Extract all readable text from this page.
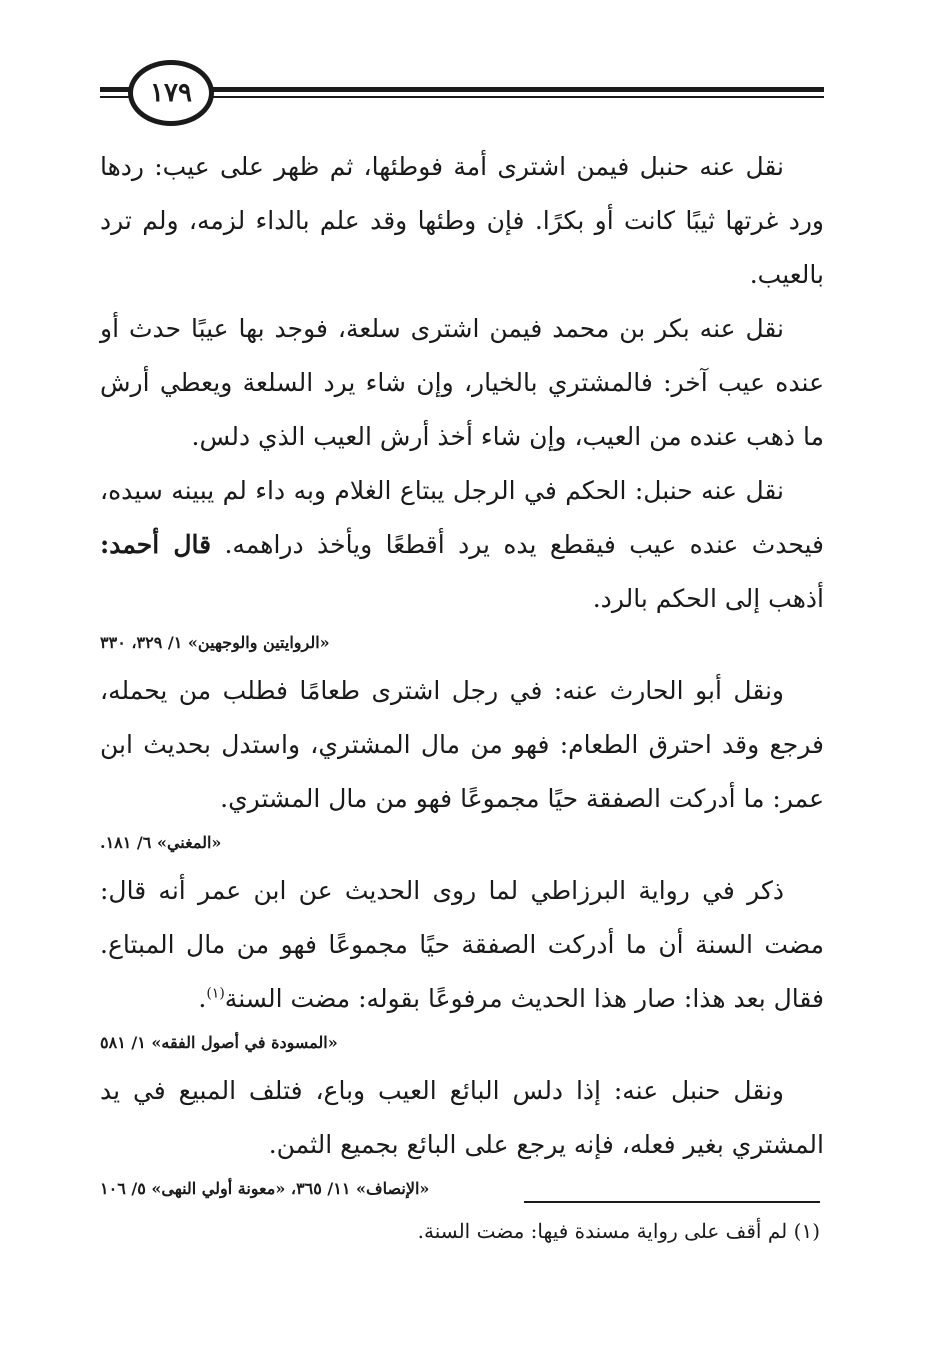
١٧٩

نقل عنه حنبل فيمن اشترى أمة فوطئها، ثم ظهر على عيب: ردها ورد غرتها ثيبًا كانت أو بكرًا. فإن وطئها وقد علم بالداء لزمه، ولم ترد بالعيب.

نقل عنه بكر بن محمد فيمن اشترى سلعة، فوجد بها عيبًا حدث أو عنده عيب آخر: فالمشتري بالخيار، وإن شاء يرد السلعة ويعطي أرش ما ذهب عنده من العيب، وإن شاء أخذ أرش العيب الذي دلس.

نقل عنه حنبل: الحكم في الرجل يبتاع الغلام وبه داء لم يبينه سيده، فيحدث عنده عيب فيقطع يده يرد أقطعًا ويأخذ دراهمه. قال أحمد: أذهب إلى الحكم بالرد.

«الروايتين والوجهين» ١/ ٣٢٩، ٣٣٠

ونقل أبو الحارث عنه: في رجل اشترى طعامًا فطلب من يحمله، فرجع وقد احترق الطعام: فهو من مال المشتري، واستدل بحديث ابن عمر: ما أدركت الصفقة حيًا مجموعًا فهو من مال المشتري.

«المغني» ٦/ ١٨١.

ذكر في رواية البرزاطي لما روى الحديث عن ابن عمر أنه قال: مضت السنة أن ما أدركت الصفقة حيًا مجموعًا فهو من مال المبتاع. فقال بعد هذا: صار هذا الحديث مرفوعًا بقوله: مضت السنة$^{(١)}$.

«المسودة في أصول الفقه» ١/ ٥٨١

ونقل حنبل عنه: إذا دلس البائع العيب وباع، فتلف المبيع في يد المشتري بغير فعله، فإنه يرجع على البائع بجميع الثمن.

«الإنصاف» ١١/ ٣٦٥، «معونة أولي النهى» ٥/ ١٠٦
(١) لم أقف على رواية مسندة فيها: مضت السنة.
